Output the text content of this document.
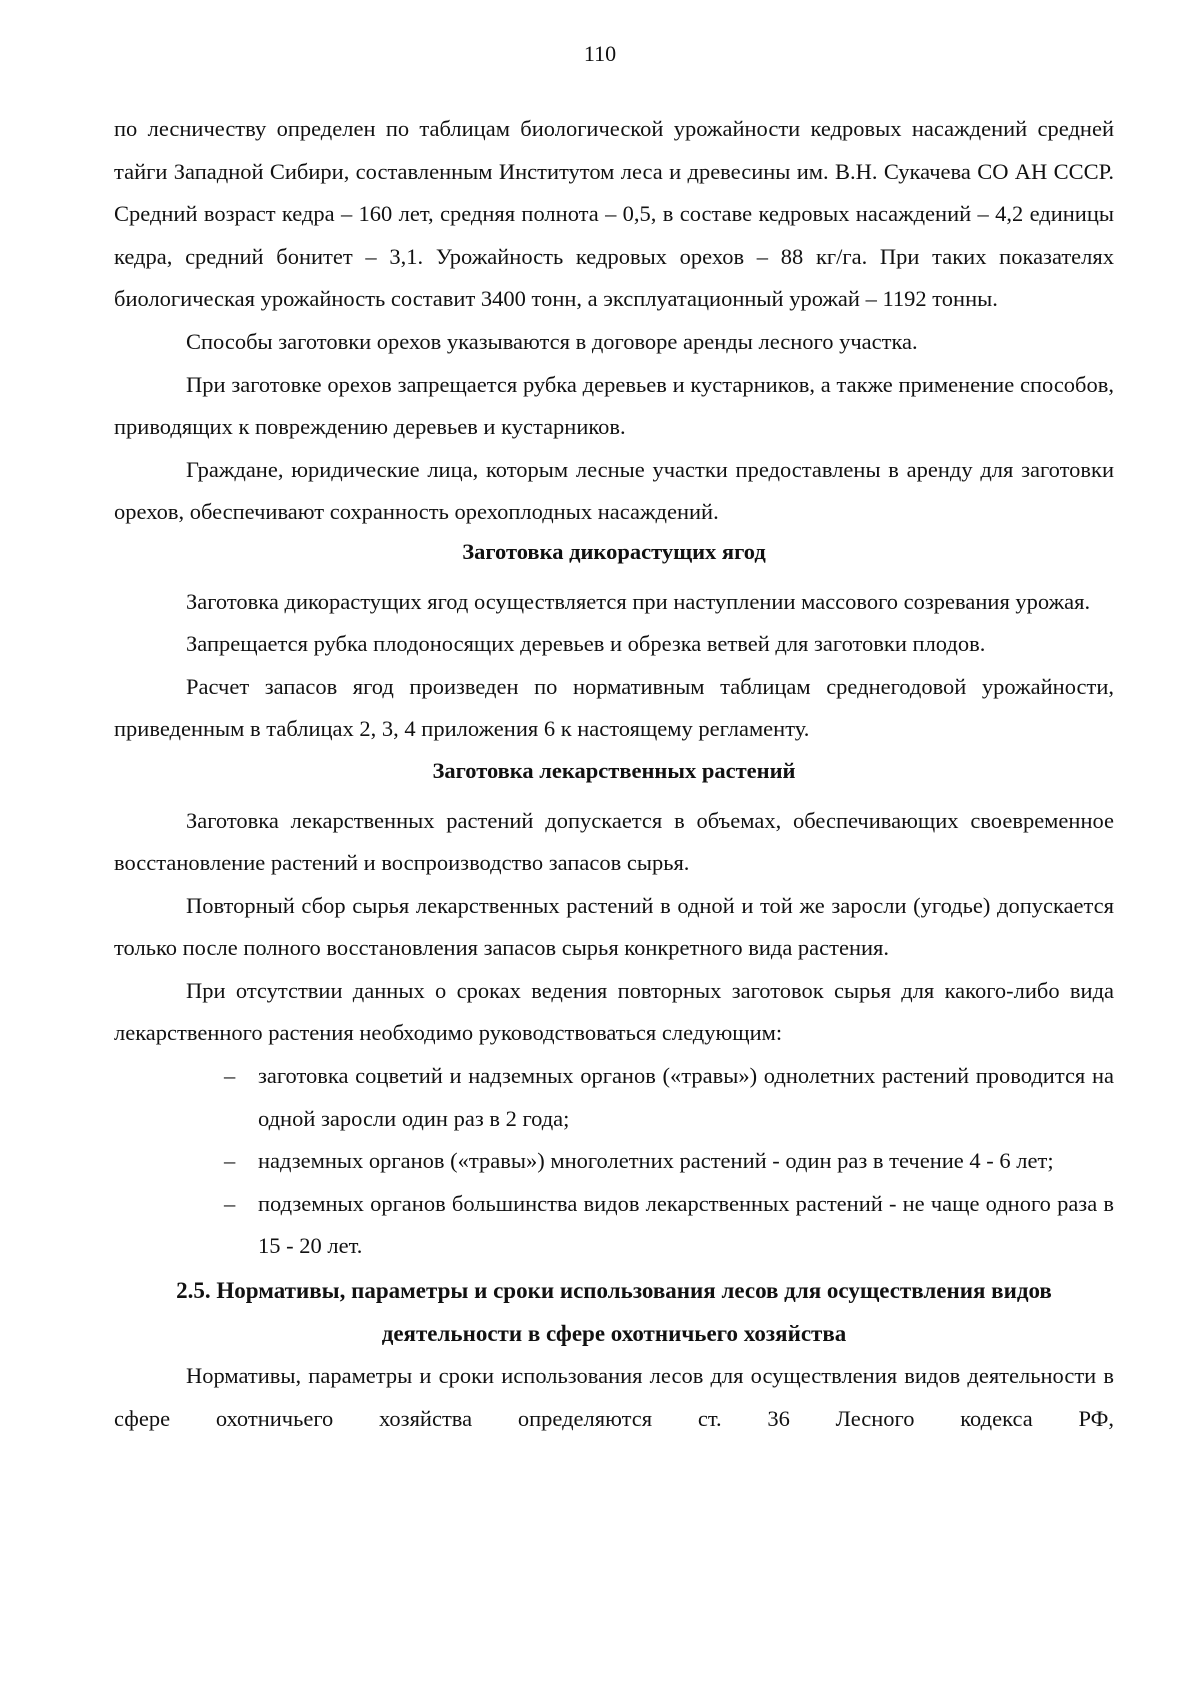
110

по лесничеству определен по таблицам биологической урожайности кедровых насаждений средней тайги Западной Сибири, составленным Институтом леса и древесины им. В.Н. Сукачева СО АН СССР. Средний возраст кедра – 160 лет, средняя полнота – 0,5, в составе кедровых насаждений – 4,2 единицы кедра, средний бонитет – 3,1. Урожайность кедровых орехов – 88 кг/га. При таких показателях биологическая урожайность составит 3400 тонн, а эксплуатационный урожай – 1192 тонны.

Способы заготовки орехов указываются в договоре аренды лесного участка.

При заготовке орехов запрещается рубка деревьев и кустарников, а также применение способов, приводящих к повреждению деревьев и кустарников.

Граждане, юридические лица, которым лесные участки предоставлены в аренду для заготовки орехов, обеспечивают сохранность орехоплодных насаждений.

Заготовка дикорастущих ягод

Заготовка дикорастущих ягод осуществляется при наступлении массового созревания урожая.

Запрещается рубка плодоносящих деревьев и обрезка ветвей для заготовки плодов.

Расчет запасов ягод произведен по нормативным таблицам среднегодовой урожайности, приведенным в таблицах 2, 3, 4 приложения 6 к настоящему регламенту.

Заготовка лекарственных растений

Заготовка лекарственных растений допускается в объемах, обеспечивающих своевременное восстановление растений и воспроизводство запасов сырья.

Повторный сбор сырья лекарственных растений в одной и той же заросли (угодье) допускается только после полного восстановления запасов сырья конкретного вида растения.

При отсутствии данных о сроках ведения повторных заготовок сырья для какого-либо вида лекарственного растения необходимо руководствоваться следующим:

– заготовка соцветий и надземных органов («травы») однолетних растений проводится на одной заросли один раз в 2 года;
– надземных органов («травы») многолетних растений - один раз в течение 4 - 6 лет;
– подземных органов большинства видов лекарственных растений - не чаще одного раза в 15 - 20 лет.

2.5. Нормативы, параметры и сроки использования лесов для осуществления видов
деятельности в сфере охотничьего хозяйства

Нормативы, параметры и сроки использования лесов для осуществления видов деятельности в сфере охотничьего хозяйства определяются ст. 36 Лесного кодекса РФ,
